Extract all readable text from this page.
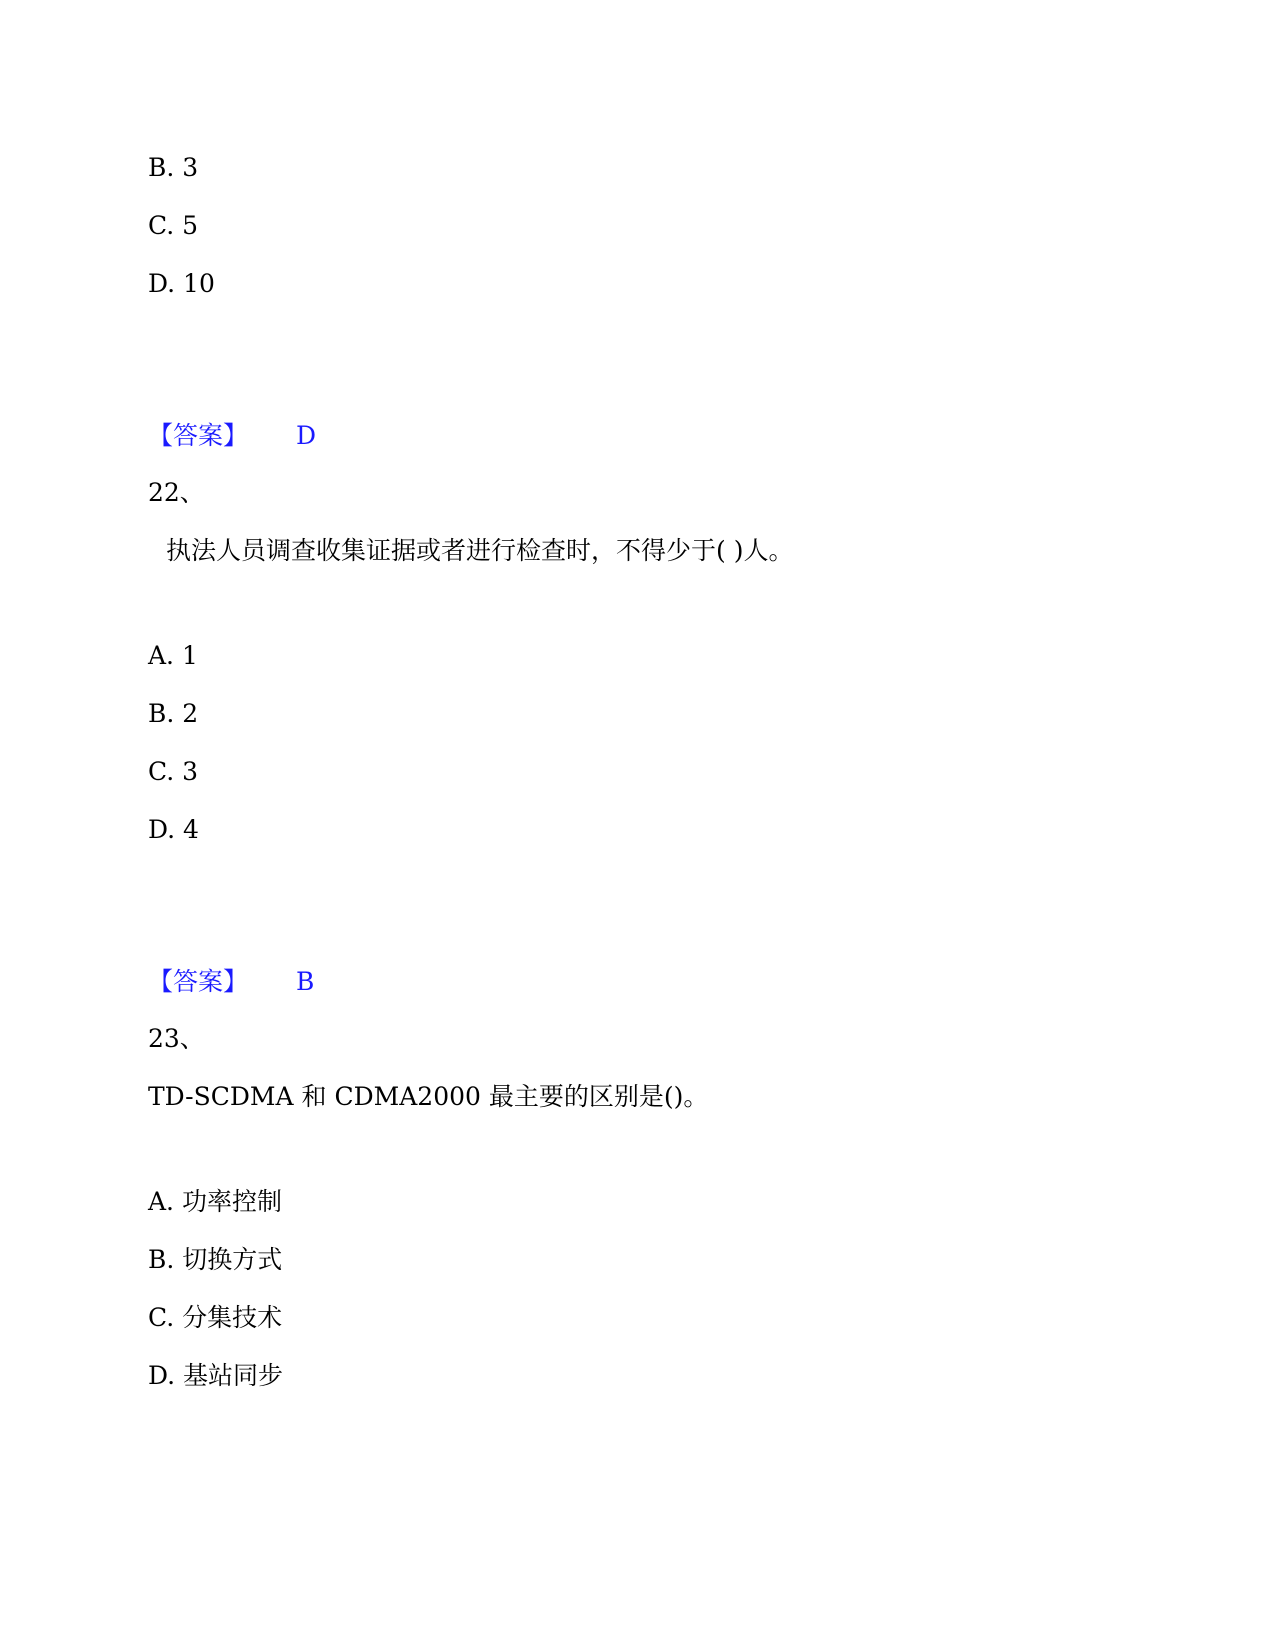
B. 3
C. 5
D. 10
【答案】 D
22、
执法人员调查收集证据或者进行检查时，不得少于( )人。
A. 1
B. 2
C. 3
D. 4
【答案】 B
23、
TD-SCDMA 和 CDMA2000 最主要的区别是()。
A. 功率控制
B. 切换方式
C. 分集技术
D. 基站同步
